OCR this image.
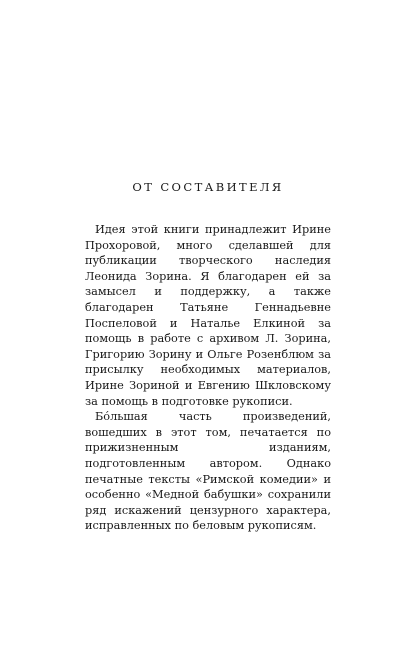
ОТ СОСТАВИТЕЛЯ

Идея этой книги принадлежит Ирине Прохоровой, много сделавшей для публикации творческого наследия Леонида Зорина. Я благодарен ей за замысел и поддержку, а также благодарен Татьяне Геннадьевне Поспеловой и Наталье Елкиной за помощь в работе с архивом Л. Зорина, Григорию Зорину и Ольге Розенблюм за присылку необходимых материалов, Ирине Зориной и Евгению Шкловскому за помощь в подготовке рукописи.

Бо́льшая часть произведений, вошедших в этот том, печатается по прижизненным изданиям, подготовленным автором. Однако печатные тексты «Римской комедии» и особенно «Медной бабушки» сохранили ряд искажений цензурного характера, исправленных по беловым рукописям.
